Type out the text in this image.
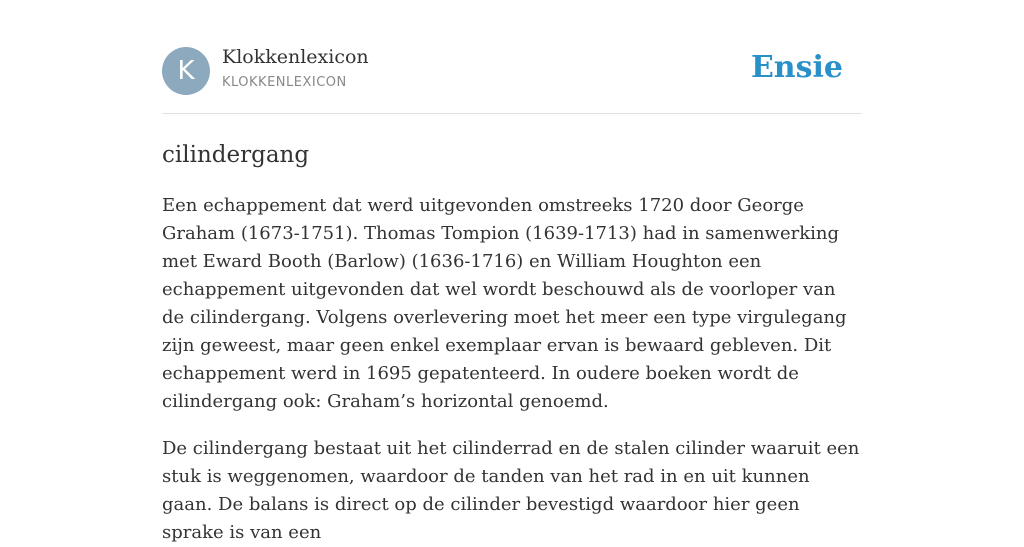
K	Klokkenlexicon
KLOKKENLEXICON	Ensie
cilindergang

Een echappement dat werd uitgevonden omstreeks 1720 door George Graham (1673-1751). Thomas Tompion (1639-1713) had in samenwerking met Eward Booth (Barlow) (1636-1716) en William Houghton een echappement uitgevonden dat wel wordt beschouwd als de voorloper van de cilindergang. Volgens overlevering moet het meer een type virgulegang zijn geweest, maar geen enkel exemplaar ervan is bewaard gebleven. Dit echappement werd in 1695 gepatenteerd. In oudere boeken wordt de cilindergang ook: Graham’s horizontal genoemd.

De cilindergang bestaat uit het cilinderrad en de stalen cilinder waaruit een stuk is weggenomen, waardoor de tanden van het rad in en uit kunnen gaan. De balans is direct op de cilinder bevestigd waardoor hier geen sprake is van een
